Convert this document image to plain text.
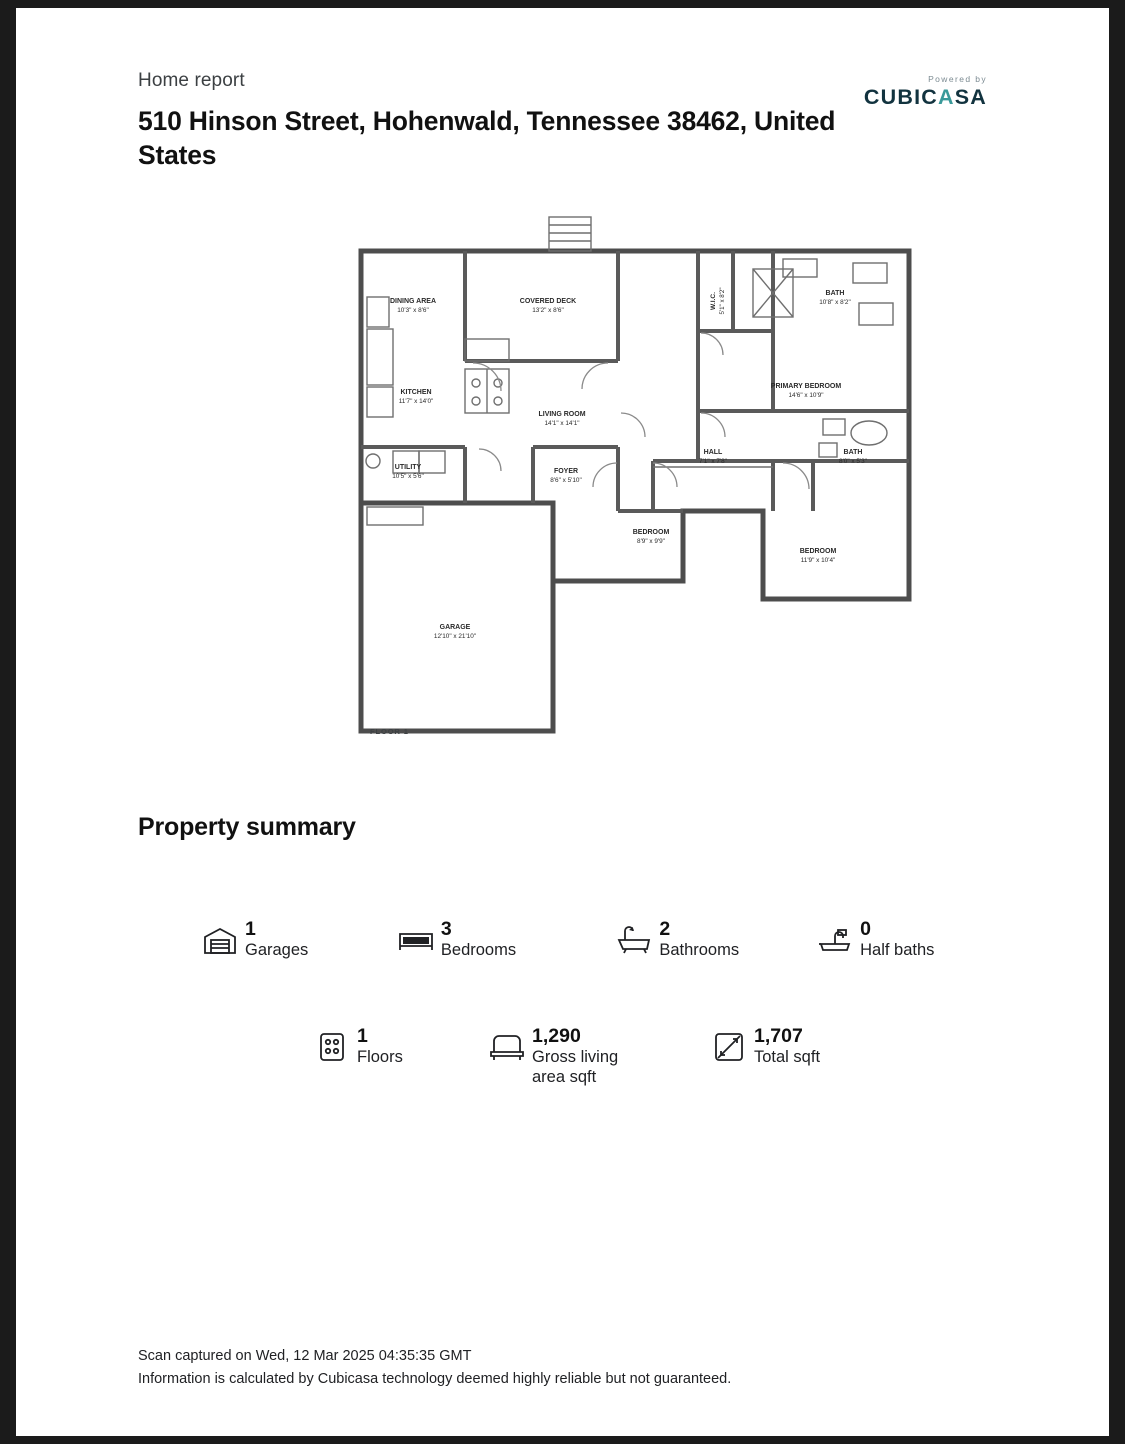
Home report
510 Hinson Street, Hohenwald, Tennessee 38462, United States
Powered by
CUBICASA
DINING AREA
10'3" x 8'6"
COVERED DECK
13'2" x 8'6"
BATH
10'8" x 8'2"
W.I.C. 5'1" x 8'2"
KITCHEN
11'7" x 14'0"
LIVING ROOM
14'1" x 14'1"
PRIMARY BEDROOM
14'6" x 10'9"
UTILITY
10'5" x 5'6"
FOYER
8'6" x 5'10"
HALL
7'1" x 7'8"
BATH
8'0" x 5'3"
BEDROOM
8'9" x 9'9"
BEDROOM
11'9" x 10'4"
GARAGE
12'10" x 21'10"
FLOOR 1
Property summary
1
Garages
3
Bedrooms
2
Bathrooms
0
Half baths
1
Floors
1,290
Gross living area sqft
1,707
Total sqft
Scan captured on Wed, 12 Mar 2025 04:35:35 GMT
Information is calculated by Cubicasa technology deemed highly reliable but not guaranteed.
